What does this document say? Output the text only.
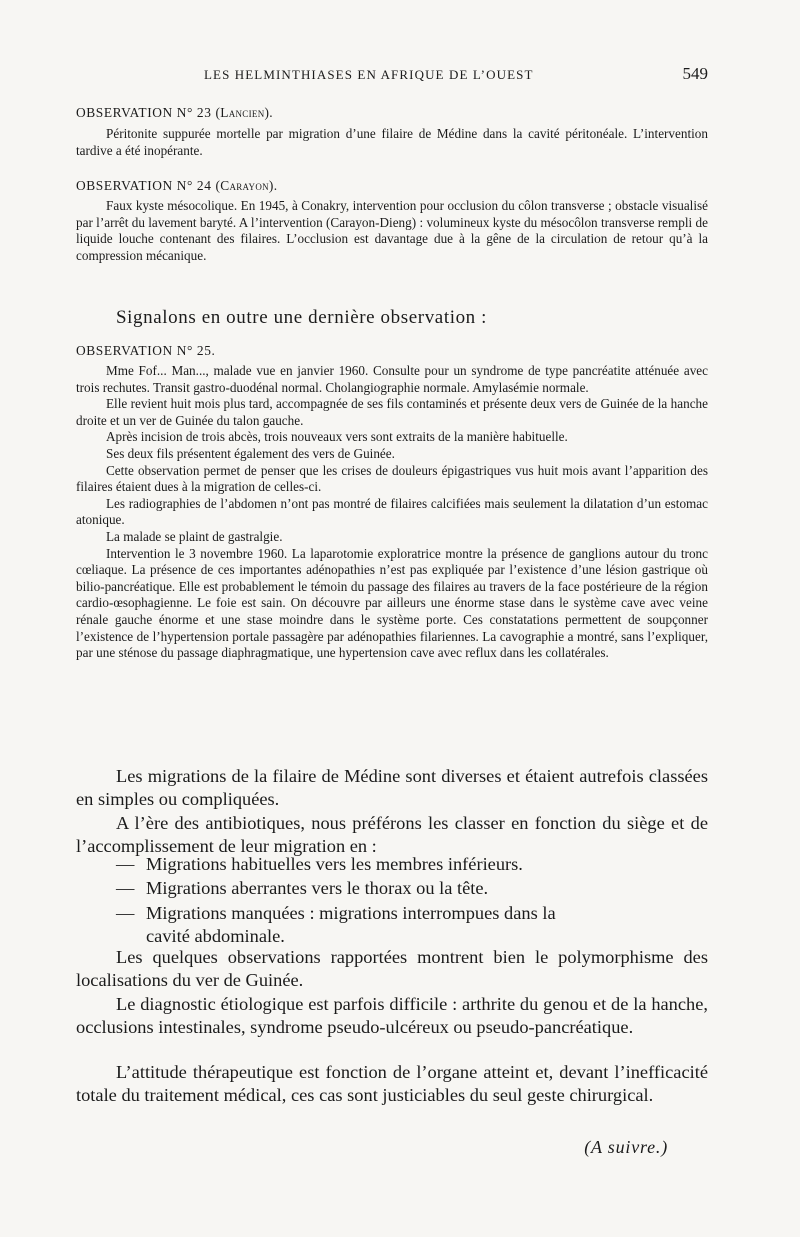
LES HELMINTHIASES EN AFRIQUE DE L’OUEST	549
OBSERVATION N° 23 (Lancien).

Péritonite suppurée mortelle par migration d’une filaire de Médine dans la cavité péritonéale. L’intervention tardive a été inopérante.

OBSERVATION N° 24 (Carayon).

Faux kyste mésocolique. En 1945, à Conakry, intervention pour occlusion du côlon transverse ; obstacle visualisé par l’arrêt du lavement baryté. A l’intervention (Carayon-Dieng) : volumineux kyste du mésocôlon transverse rempli de liquide louche contenant des filaires. L’occlusion est davantage due à la gêne de la circulation de retour qu’à la compression mécanique.

Signalons en outre une dernière observation :
OBSERVATION N° 25.

Mme Fof... Man..., malade vue en janvier 1960. Consulte pour un syndrome de type pancréatite atténuée avec trois rechutes. Transit gastro-duodénal normal. Cholangiographie normale. Amylasémie normale.

Elle revient huit mois plus tard, accompagnée de ses fils contaminés et présente deux vers de Guinée de la hanche droite et un ver de Guinée du talon gauche.

Après incision de trois abcès, trois nouveaux vers sont extraits de la manière habituelle.

Ses deux fils présentent également des vers de Guinée.

Cette observation permet de penser que les crises de douleurs épigastriques vus huit mois avant l’apparition des filaires étaient dues à la migration de celles-ci.

Les radiographies de l’abdomen n’ont pas montré de filaires calcifiées mais seulement la dilatation d’un estomac atonique.

La malade se plaint de gastralgie.

Intervention le 3 novembre 1960. La laparotomie exploratrice montre la présence de ganglions autour du tronc cœliaque. La présence de ces importantes adénopathies n’est pas expliquée par l’existence d’une lésion gastrique où bilio-pancréatique. Elle est probablement le témoin du passage des filaires au travers de la face postérieure de la région cardio-œsophagienne. Le foie est sain. On découvre par ailleurs une énorme stase dans le système cave avec veine rénale gauche énorme et une stase moindre dans le système porte. Ces constatations permettent de soupçonner l’existence de l’hypertension portale passagère par adénopathies filariennes. La cavographie a montré, sans l’expliquer, par une sténose du passage diaphragmatique, une hypertension cave avec reflux dans les collatérales.

Les migrations de la filaire de Médine sont diverses et étaient autrefois classées en simples ou compliquées.

A l’ère des antibiotiques, nous préférons les classer en fonction du siège et de l’accomplissement de leur migration en :

— Migrations habituelles vers les membres inférieurs.
— Migrations aberrantes vers le thorax ou la tête.
— Migrations manquées : migrations interrompues dans la
cavité abdominale.

Les quelques observations rapportées montrent bien le polymorphisme des localisations du ver de Guinée.

Le diagnostic étiologique est parfois difficile : arthrite du genou et de la hanche, occlusions intestinales, syndrome pseudo-ulcéreux ou pseudo-pancréatique.

L’attitude thérapeutique est fonction de l’organe atteint et, devant l’inefficacité totale du traitement médical, ces cas sont justiciables du seul geste chirurgical.

(A suivre.)
